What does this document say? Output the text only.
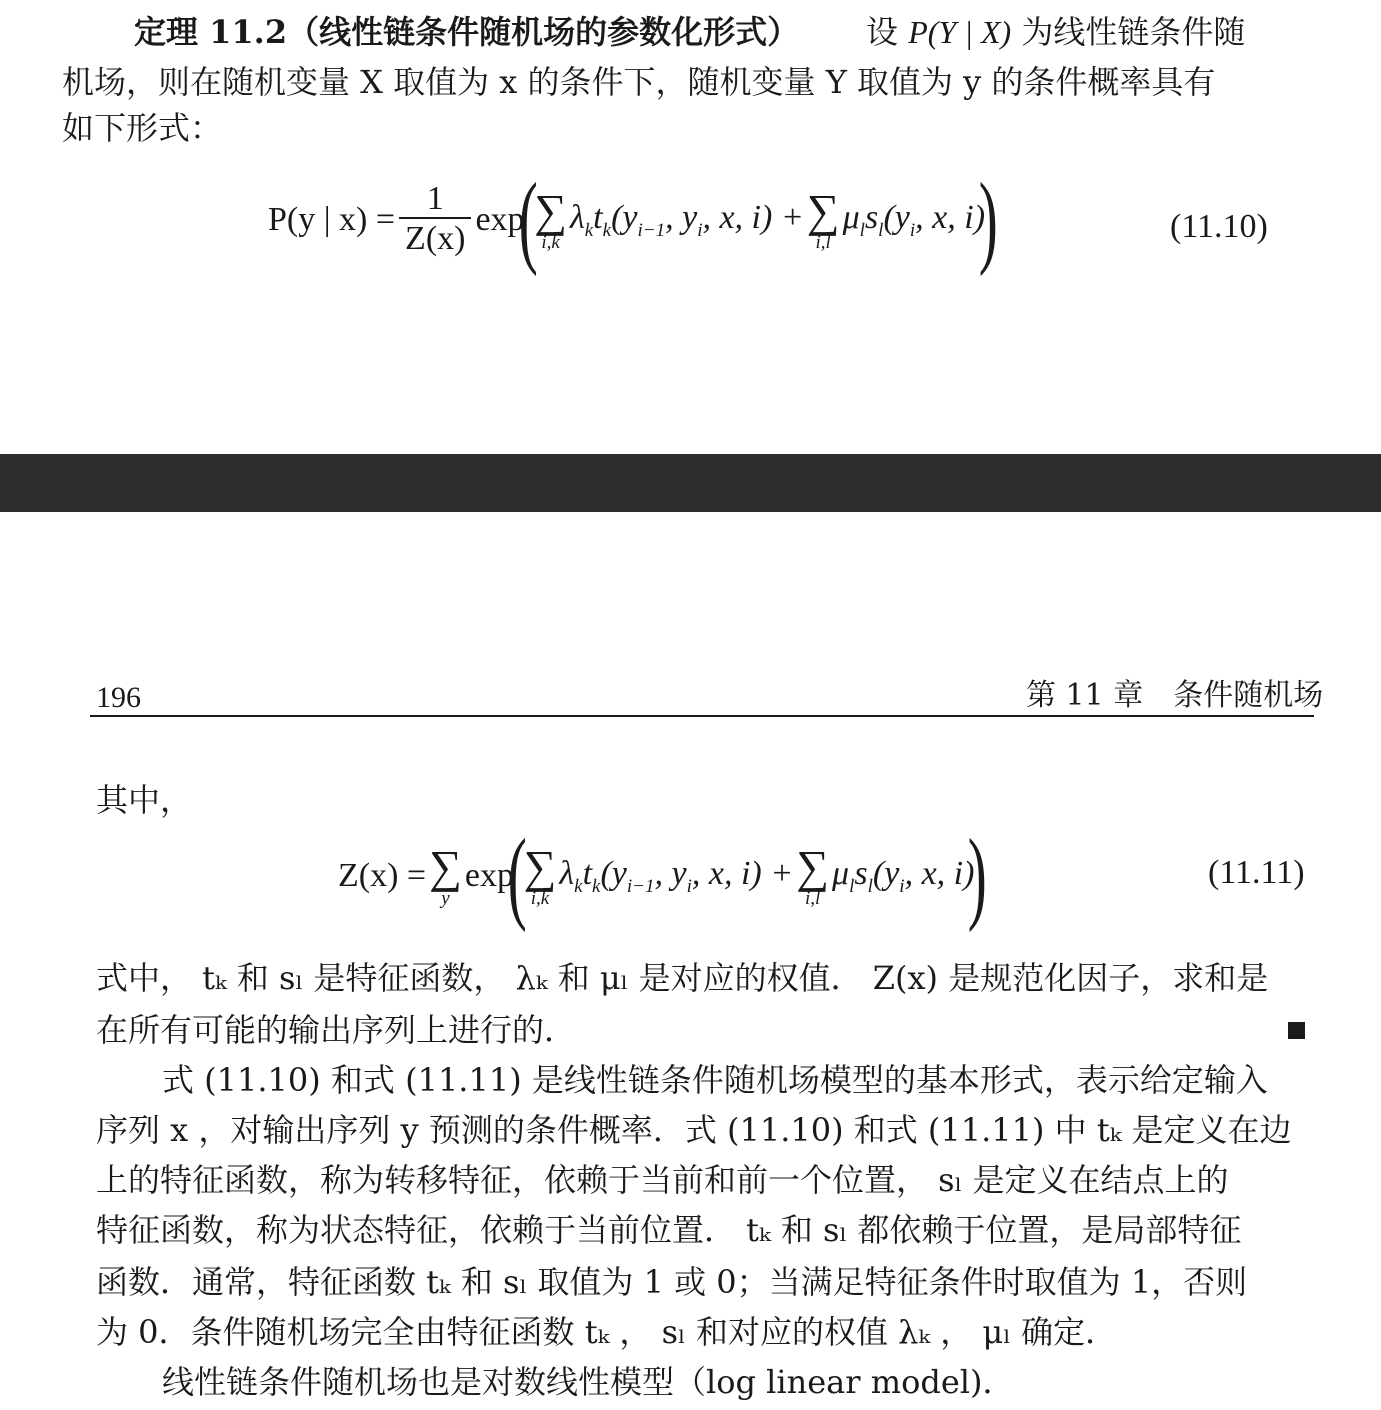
定理 11.2（线性链条件随机场的参数化形式） 设 P(Y | X) 为线性链条件随
机场，则在随机变量 X 取值为 x 的条件下，随机变量 Y 取值为 y 的条件概率具有
如下形式：
P(y | $x) = \frac{1}{Z(x)}$ exp
(
∑
i,k
$\lambda_kt_k(y_{i-1}$, $y_i$, x, i) + ∑
i,l
$\mu_ls_l(y_i$, x, i)
)	(11.10)
196	第 11 章　条件随机场
其中，
Z(x) = ∑
y
exp
(
∑
i,k
$\lambda_kt_k(y_{i-1}$, $y_i$, x, i) + ∑
i,l
$\mu_ls_l(y_i$, x, i)
)	(11.11)
式中， tₖ 和 sₗ 是特征函数， λₖ 和 μₗ 是对应的权值． Z(x) 是规范化因子，求和是
在所有可能的输出序列上进行的．
式 (11.10) 和式 (11.11) 是线性链条件随机场模型的基本形式，表示给定输入
序列 x ，对输出序列 y 预测的条件概率．式 (11.10) 和式 (11.11) 中 tₖ 是定义在边
上的特征函数，称为转移特征，依赖于当前和前一个位置， sₗ 是定义在结点上的
特征函数，称为状态特征，依赖于当前位置． tₖ 和 sₗ 都依赖于位置，是局部特征
函数．通常，特征函数 tₖ 和 sₗ 取值为 1 或 0；当满足特征条件时取值为 1，否则
为 0．条件随机场完全由特征函数 tₖ ， sₗ 和对应的权值 λₖ ， μₗ 确定．
线性链条件随机场也是对数线性模型（log linear model)．
